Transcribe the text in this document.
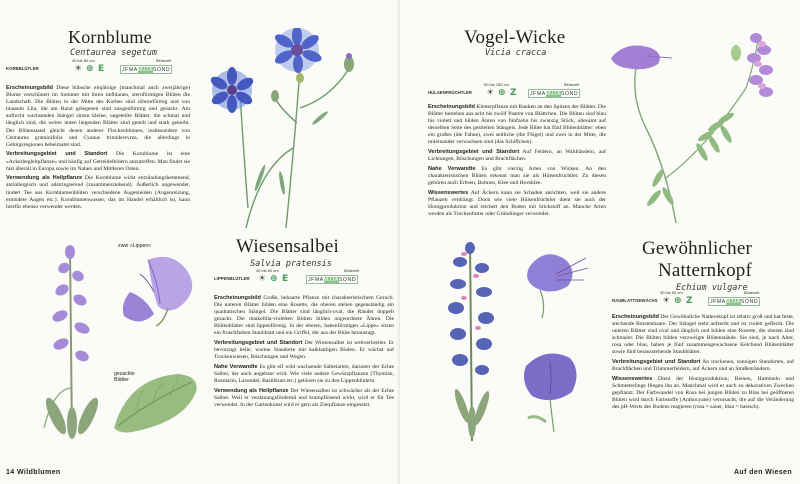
Kornblume
Centaurea segetum
KORBBLÜTLER
30 bis 80 cm	Blütezeit
☀ ⊕ E	JFMAMJJASOND

Erscheinungsbild Diese hübsche einjährige (manchmal auch zweijährige) Blume verschönert im Sommer mit ihren tiefblauen, sternförmigen Blüten die Landschaft. Die Blüten in der Mitte des Korbes sind röhrenförmig und von blassem Lila, die am Rand gelegenen sind zungenförmig und gezackt. Am aufrecht wachsenden Stängel sitzen kleine, ungeteilte Blätter, die schmal und länglich sind, die weiter unten liegenden Blätter sind geteilt und stark gekerbt. Der Blütenstand gleicht denen anderer Flockenblumen, insbesondere von Centaurea graminifolia und Cyanus trimiderevrea, die allerdings in Gebirgsregionen beheimatet sind.

Verbreitungsgebiet und Standort Die Kornblume ist eine »Ackerbegleitpflanze« und häufig auf Getreidefeldern anzutreffen. Man findet sie fast überall in Europa sowie im Nahen und Mittleren Osten.

Verwendung als Heilpflanze Die Kornblume wirkt entzündungshemmend, antiallergisch und adstringierend (zusammenziehend). Äußerlich angewendet, lindert Tee aus Kornblumenblüten verschiedene Augenleiden (Augenreizung, ermüdete Augen etc.). Kornblumenwasser, das im Handel erhältlich ist, kann hierfür ebenso verwendet werden.

Wiesensalbei
Salvia pratensis
LIPPENBLÜTLER
30 bis 60 cm	Blütezeit
☀ ⊕ E	JFMAMJJASOND

Erscheinungsbild Große, behaarte Pflanze mit charakteristischem Geruch. Die unteren Blätter bilden eine Rosette, die oberen stehen gegenständig am quadratischen Stängel. Die Blätter sind länglich-oval, die Ränder doppelt gezackt. Die dunkellila-violetten Blüten bilden ungeordnete Ähren. Die Blütenblätter sind lippenförmig. In der oberen, hakenförmigen »Lippe« sitzen ein froschfarben Staubblatt und ein Griffel, der aus der Blüte herausragt.

Verbreitungsgebiet und Standort Der Wiesensalbei ist weitverbreitet. Er bevorzugt helle, warme Standorte mit kalkhaltigen Böden. Er wächst auf Trockenwiesen, Böschungen und Wegen.

Nahe Verwandte Es gibt elf wild wachsende Salbeiarten, darunter der Echte Salbei, der auch angebaut wird. Wie viele andere Gewürzpflanzen (Thymian, Rosmarin, Lavendel, Basilikum etc.) gehören sie zu den Lippenblütlern.

Verwendung als Heilpflanze Der Wiesensalbei ist schwächer als der Echte Salbei. Weil er verdauungsfördernd und krampflösend wirkt, wird er für Tee verwendet. In der Gartenkunst wird er gern als Zierpflanze eingesetzt.

zwei »Lippen«
gezackte
Blätter
14 Wildblumen
Vogel-Wicke
Vicia cracca
HÜLSENFRÜCHTLER
50 bis 150 cm	Blütezeit
☀ ⊕ Z	JFMAMJJASOND

Erscheinungsbild Kletterpflanze mit Ranken an den Spitzen der Blätter. Die Blätter bestehen aus acht bis zwölf Paaren von Blättchen. Die Blüten sind blau bis violett und bilden Ähren von fünfzehn bis zwanzig Stück, allesamt auf derselben Seite des gestielten Stängels. Jede Blüte hat fünf Blütenblätter: eben ein großes (die Fahne), zwei seitliche (die Flügel) und zwei in der Mitte, die miteinander verwachsen sind (das Schiffchen).

Verbreitungsgebiet und Standort Auf Feldern, an Waldrändern, auf Lichtungen, Böschungen und Brachflächen.

Nahe Verwandte Es gibt vierzig Arten von Wicken. An den charakteristischen Blüten erkennt man sie als Hülsenfrüchtler. Zu diesen gehören auch Erbsen, Bohnen, Klee und Hornklee.

Wissenswertes Auf Äckern kann sie Schaden anrichten, weil sie andere Pflanzen verdrängt. Doch wie viele Hülsenfrüchtler dient sie auch der Honigproduktion und reichert den Boden mit Stickstoff an. Manche Arten werden als Trockenfutter oder Gründünger verwendet.

Gewöhnlicher
Natternkopf
Echium vulgare
RAUBLATTGEWÄCHS
30 bis 90 cm	Blütezeit
☀ ⊕ Z	JFMAMJJASOND

Erscheinungsbild Der Gewöhnliche Natternkopf ist relativ groß und hat feste, stechende Borstenhaare. Der Stängel steht aufrecht und ist violett gefleckt. Die unteren Blätter sind oval und länglich und bilden eine Rosette, die oberen sind schmaler. Die Blüten bilden verzweigte Blütenstände. Sie sind, je nach Alter, rosa oder blau, haben je fünf zusammengewachsene Kelchund Blütenblätter sowie fünf herausstehende Staubblätter.

Verbreitungsgebiet und Standort An trockenen, sonnigen Standorten, auf Brachflächen und Trümmerfeldern, auf Äckern und an Straßenrändern.

Wissenswertes Dient der Honigproduktion; Bienen, Hummeln und Schmetterlinge fliegen ihn an. Manchmal wird er auch zu dekorativen Zwecken gepflanzt. Der Farbwandel von Rosa bei jungen Blüten zu Blau bei geöffneten Blüten wird durch Farbstoffe (Anthocyane) verursacht, die auf die Veränderung des pH-Werts des Bodens reagieren (rosa = sauer, blau = basisch).

Auf den Wiesen
